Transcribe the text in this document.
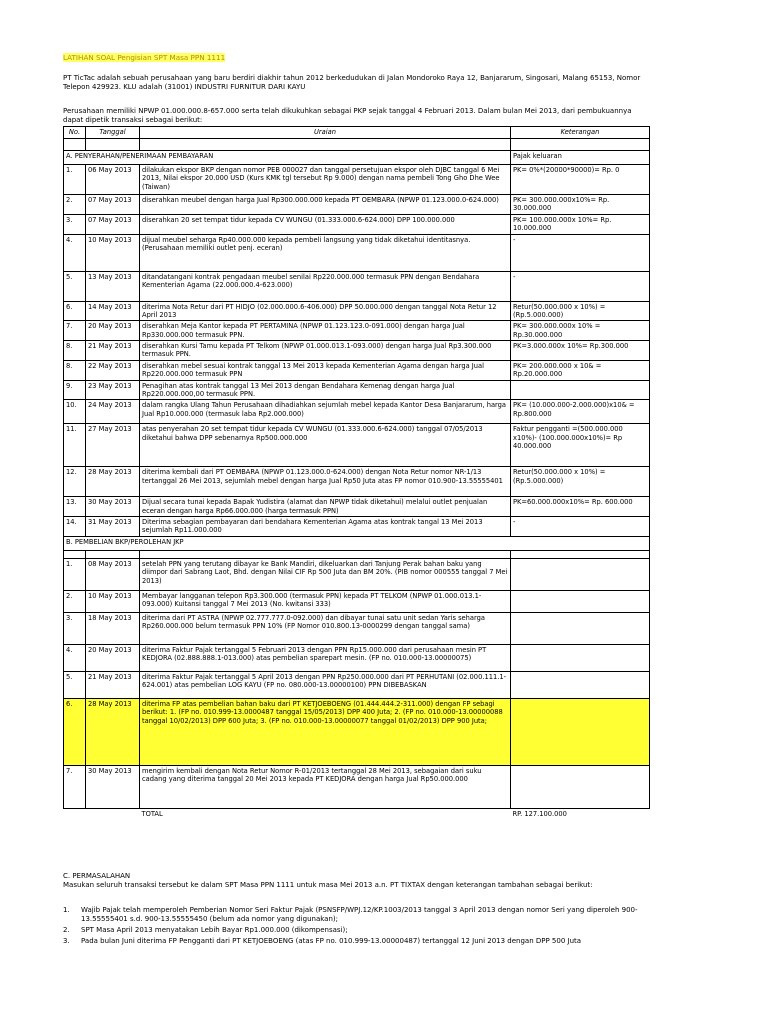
LATIHAN SOAL Pengisian SPT Masa PPN 1111
PT TicTac adalah sebuah perusahaan yang baru berdiri diakhir tahun 2012 berkedudukan di Jalan Mondoroko Raya 12, Banjararum, Singosari, Malang 65153, Nomor Telepon 429923. KLU adalah (31001) INDUSTRI FURNITUR DARI KAYU
Perusahaan memiliki NPWP 01.000.000.8-657.000 serta telah dikukuhkan sebagai PKP sejak tanggal 4 Februari 2013. Dalam bulan Mei 2013, dari pembukuannya dapat dipetik transaksi sebagai berikut:
No.	Tanggal	Uraian	Keterangan

A. PENYERAHAN/PENERIMAAN PEMBAYARAN			Pajak keluaran
1.	06 May 2013	dilakukan ekspor BKP dengan nomor PEB 000027 dan tanggal persetujuan ekspor oleh DJBC tanggal 6 Mei 2013, Nilai ekspor 20.000 USD (Kurs KMK tgl tersebut Rp 9.000) dengan nama pembeli Tong Gho Dhe Wee (Taiwan)	PK= 0%*(20000*90000)= Rp. 0
2.	07 May 2013	diserahkan meubel dengan harga Jual Rp300.000.000 kepada PT OEMBARA (NPWP 01.123.000.0-624.000)	PK= 300.000.000x10%= Rp. 30.000.000
3.	07 May 2013	diserahkan 20 set tempat tidur kepada CV WUNGU (01.333.000.6-624.000) DPP 100.000.000	PK= 100.000.000x 10%= Rp. 10.000.000
4.	10 May 2013	dijual meubel seharga Rp40.000.000 kepada pembeli langsung yang tidak diketahui identitasnya. (Perusahaan memiliki outlet penj. eceran)	-
5.	13 May 2013	ditandatangani kontrak pengadaan meubel senilai Rp220.000.000 termasuk PPN dengan Bendahara Kementerian Agama (22.000.000.4-623.000)	-
6.	14 May 2013	diterima Nota Retur dari PT HIDJO (02.000.000.6-406.000) DPP 50.000.000 dengan tanggal Nota Retur 12 April 2013	Retur(50.000.000 x 10%) = (Rp.5.000.000)
7.	20 May 2013	diserahkan Meja Kantor kepada PT PERTAMINA (NPWP 01.123.123.0-091.000) dengan harga Jual Rp330.000.000 termasuk PPN.	PK= 300.000.000x 10% = Rp.30.000.000
8.	21 May 2013	diserahkan Kursi Tamu kepada PT Telkom (NPWP 01.000.013.1-093.000) dengan harga Jual Rp3.300.000 termasuk PPN.	PK=3.000.000x 10%= Rp.300.000
8.	22 May 2013	diserahkan mebel sesuai kontrak tanggal 13 Mei 2013 kepada Kementerian Agama dengan harga Jual Rp220.000.000 termasuk PPN	PK= 200.000.000 x 10& = Rp.20.000.000
9.	23 May 2013	Penagihan atas kontrak tanggal 13 Mei 2013 dengan Bendahara Kemenag dengan harga Jual Rp220.000.000,00 termasuk PPN.	
10.	24 May 2013	dalam rangka Ulang Tahun Perusahaan dihadiahkan sejumlah mebel kepada Kantor Desa Banjararum, harga Jual Rp10.000.000 (termasuk laba Rp2.000.000)	PK= (10.000.000-2.000.000)x10& = Rp.800.000
11.	27 May 2013	atas penyerahan 20 set tempat tidur kepada CV WUNGU (01.333.000.6-624.000) tanggal 07/05/2013 diketahui bahwa DPP sebenarnya Rp500.000.000	Faktur pengganti =(500.000.000 x10%)- (100.000.000x10%)= Rp 40.000.000
12.	28 May 2013	diterima kembali dari PT OEMBARA (NPWP 01.123.000.0-624.000) dengan Nota Retur nomor NR-1/13 tertanggal 26 Mei 2013, sejumlah mebel dengan harga Jual Rp50 Juta atas FP nomor 010.900-13.55555401	Retur(50.000.000 x 10%) = (Rp.5.000.000)
13.	30 May 2013	Dijual secara tunai kepada Bapak Yudistira (alamat dan NPWP tidak diketahui) melalui outlet penjualan eceran dengan harga Rp66.000.000 (harga termasuk PPN)	PK=60.000.000x10%= Rp. 600.000
14.	31 May 2013	Diterima sebagian pembayaran dari bendahara Kementerian Agama atas kontrak tangal 13 Mei 2013 sejumlah Rp11.000.000	-
B. PEMBELIAN BKP/PEROLEHAN JKP			

1.	08 May 2013	setelah PPN yang terutang dibayar ke Bank Mandiri, dikeluarkan dari Tanjung Perak bahan baku yang diimpor dari Sabrang Laot, Bhd. dengan Nilai CIF Rp 500 Juta dan BM 20%. (PIB nomor 000555 tanggal 7 Mei 2013)	
2.	10 May 2013	Membayar langganan telepon Rp3.300.000 (termasuk PPN) kepada PT TELKOM (NPWP 01.000.013.1-093.000) Kuitansi tanggal 7 Mei 2013 (No. kwitansi 333)	
3.	18 May 2013	diterima dari PT ASTRA (NPWP 02.777.777.0-092.000) dan dibayar tunai satu unit sedan Yaris seharga Rp260.000.000 belum termasuk PPN 10% (FP Nomor 010.800.13-0000299 dengan tanggal sama)	
4.	20 May 2013	diterima Faktur Pajak tertanggal 5 Februari 2013 dengan PPN Rp15.000.000 dari perusahaan mesin PT KEDJORA (02.888.888.1-013.000) atas pembelian sparepart mesin. (FP no. 010.000-13.00000075)	
5.	21 May 2013	diterima Faktur Pajak tertanggal 5 April 2013 dengan PPN Rp250.000.000 dari PT PERHUTANI (02.000.111.1-624.001) atas pembelian LOG KAYU (FP no. 080.000-13.00000100) PPN DIBEBASKAN	
6.	28 May 2013	diterima FP atas pembelian bahan baku dari PT KETJOEBOENG (01.444.444.2-311.000) dengan FP sebagi berikut: 1. (FP no. 010.999-13.0000487 tanggal 15/05/2013) DPP 400 Juta; 2. (FP no. 010.000-13.00000088 tanggal 10/02/2013) DPP 600 Juta; 3. (FP no. 010.000-13.00000077 tanggal 01/02/2013) DPP 900 Juta;	
7.	30 May 2013	mengirim kembali dengan Nota Retur Nomor R-01/2013 tertanggal 28 Mei 2013, sebagaian dari suku cadang yang diterima tanggal 20 Mei 2013 kepada PT KEDJORA dengan harga Jual Rp50.000.000	
		TOTAL	RP. 127.100.000

C. PERMASALAHAN

Masukan seluruh transaksi tersebut ke dalam SPT Masa PPN 1111 untuk masa Mei 2013 a.n. PT TIXTAX dengan keterangan tambahan sebagai berikut:

1.	Wajib Pajak telah memperoleh Pemberian Nomor Seri Faktur Pajak (PSNSFP/WPJ.12/KP.1003/2013 tanggal 3 April 2013 dengan nomor Seri yang diperoleh 900-13.55555401 s.d. 900-13.55555450 (belum ada nomor yang digunakan);
2.	SPT Masa April 2013 menyatakan Lebih Bayar Rp1.000.000 (dikompensasi);
3.	Pada bulan Juni diterima FP Pengganti dari PT KETJOEBOENG (atas FP no. 010.999-13.00000487) tertanggal 12 Juni 2013 dengan DPP 500 Juta
